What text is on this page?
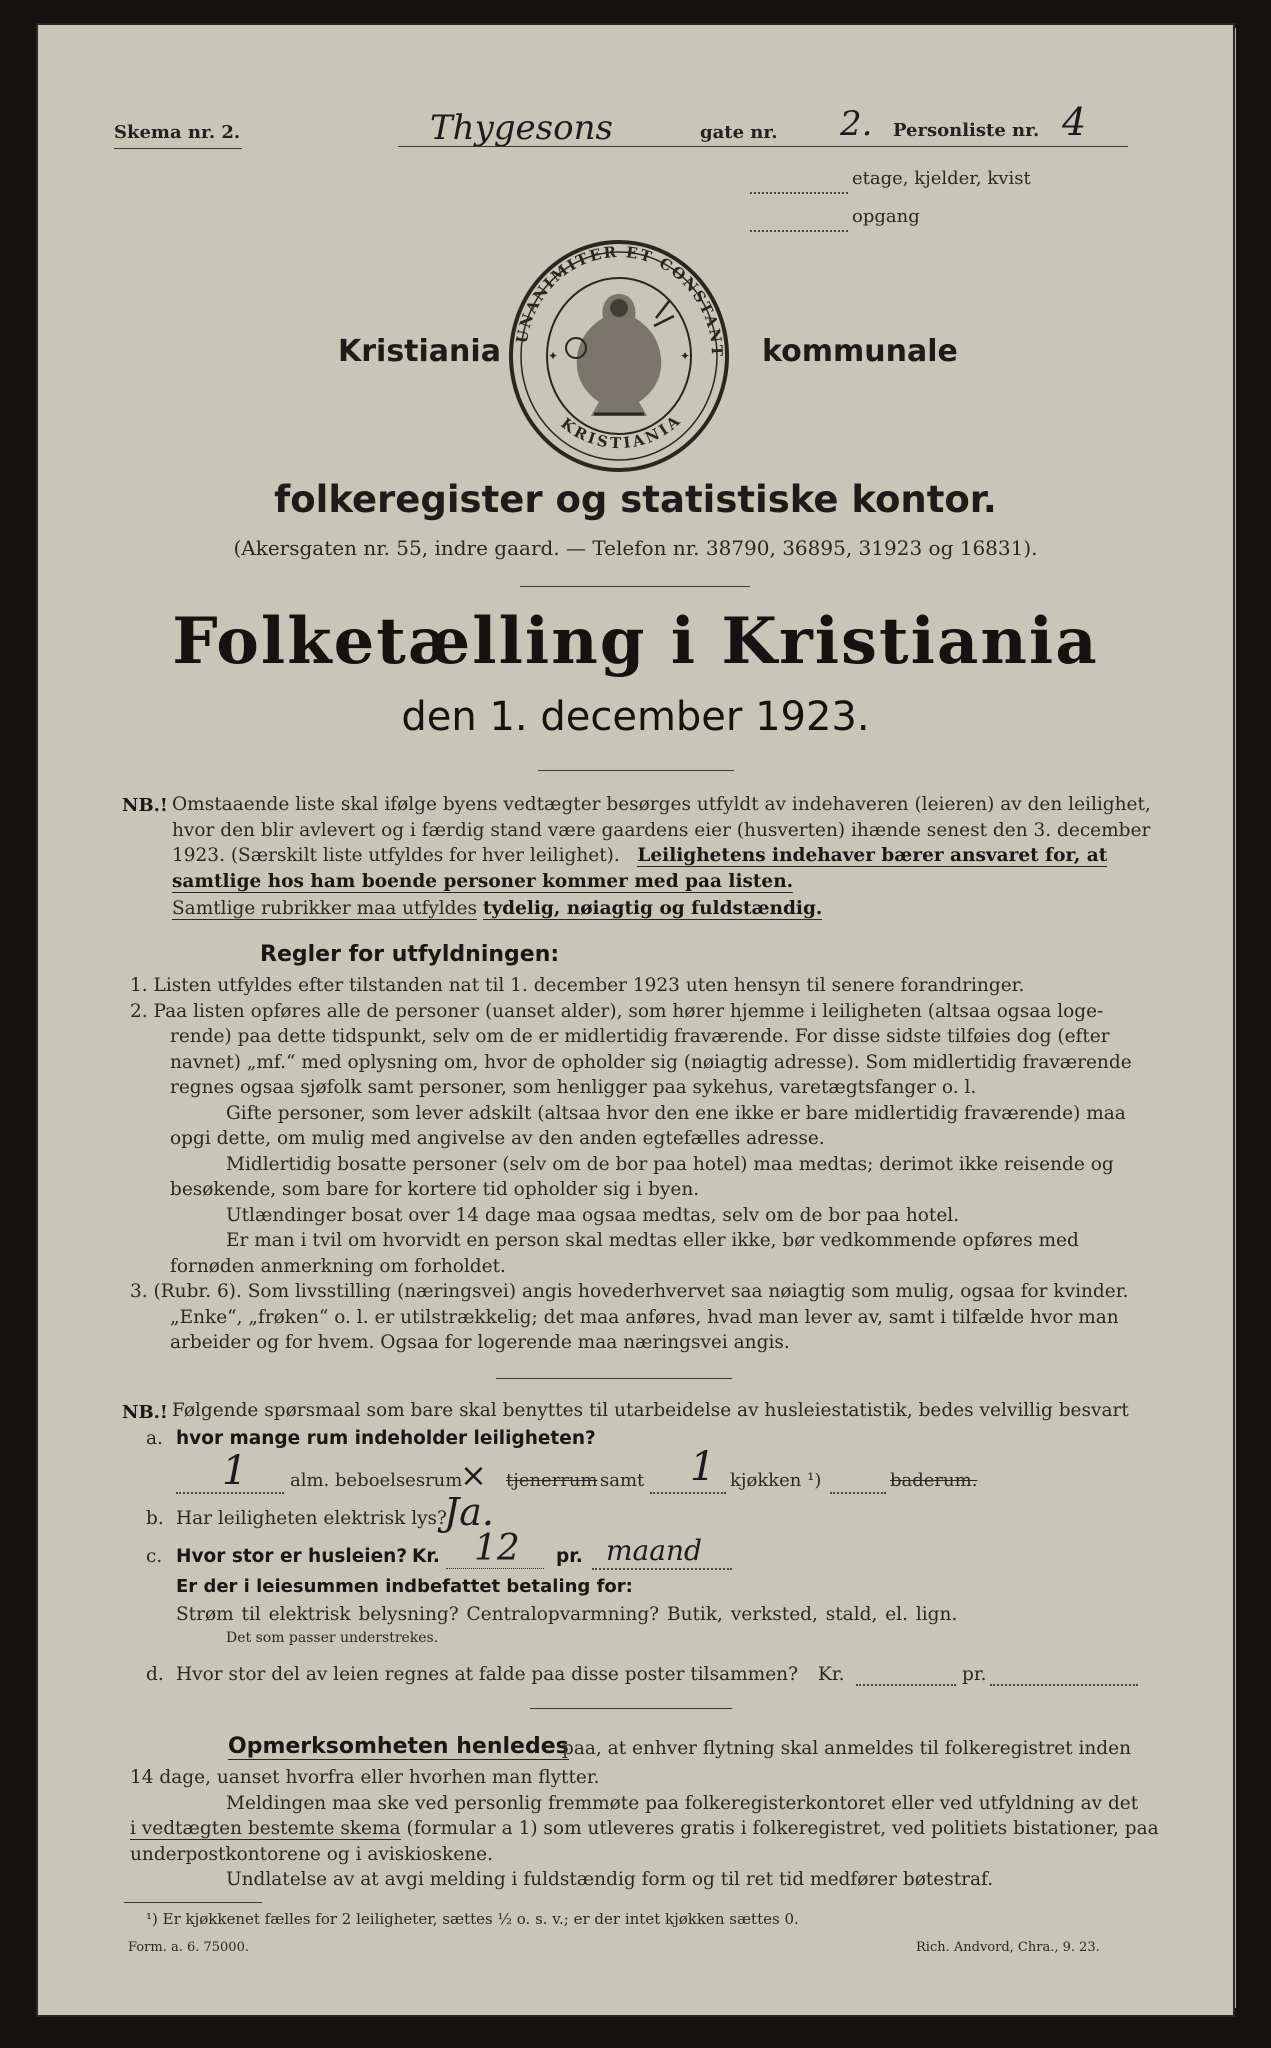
Skema nr. 2.	Thygesons	gate nr. 2. Personliste nr. 4
etage, kjelder, kvist
opgang
Kristiania	kommunale
UNANIMITER ET CONSTANT
KRISTIANIA
✦	✦
folkeregister og statistiske kontor.
(Akersgaten nr. 55, indre gaard. — Telefon nr. 38790, 36895, 31923 og 16831).
Folketælling i Kristiania
den 1. december 1923.
NB.! Omstaaende liste skal ifølge byens vedtægter besørges utfyldt av indehaveren (leieren) av den leilighet,
hvor den blir avlevert og i færdig stand være gaardens eier (husverten) ihænde senest den 3. december
1923. (Særskilt liste utfyldes for hver leilighet). Leilighetens indehaver bærer ansvaret for, at
samtlige hos ham boende personer kommer med paa listen.
Samtlige rubrikker maa utfyldes tydelig, nøiagtig og fuldstændig.
Regler for utfyldningen:
1. Listen utfyldes efter tilstanden nat til 1. december 1923 uten hensyn til senere forandringer.
2. Paa listen opføres alle de personer (uanset alder), som hører hjemme i leiligheten (altsaa ogsaa loge-
rende) paa dette tidspunkt, selv om de er midlertidig fraværende. For disse sidste tilføies dog (efter
navnet) „mf.“ med oplysning om, hvor de opholder sig (nøiagtig adresse). Som midlertidig fraværende
regnes ogsaa sjøfolk samt personer, som henligger paa sykehus, varetægtsfanger o. l.
Gifte personer, som lever adskilt (altsaa hvor den ene ikke er bare midlertidig fraværende) maa
opgi dette, om mulig med angivelse av den anden egtefælles adresse.
Midlertidig bosatte personer (selv om de bor paa hotel) maa medtas; derimot ikke reisende og
besøkende, som bare for kortere tid opholder sig i byen.
Utlændinger bosat over 14 dage maa ogsaa medtas, selv om de bor paa hotel.
Er man i tvil om hvorvidt en person skal medtas eller ikke, bør vedkommende opføres med
fornøden anmerkning om forholdet.
3. (Rubr. 6). Som livsstilling (næringsvei) angis hovederhvervet saa nøiagtig som mulig, ogsaa for kvinder.
„Enke“, „frøken“ o. l. er utilstrækkelig; det maa anføres, hvad man lever av, samt i tilfælde hvor man
arbeider og for hvem. Ogsaa for logerende maa næringsvei angis.
NB.! Følgende spørsmaal som bare skal benyttes til utarbeidelse av husleiestatistik, bedes velvillig besvart
a. hvor mange rum indeholder leiligheten?
1 alm. beboelsesrum
× tjenerrum samt 1 kjøkken ¹)	baderum.
b. Har leiligheten elektrisk lys?
Ja.
c. Hvor stor er husleien? Kr. 12 pr. maand
Er der i leiesummen indbefattet betaling for:
Strøm til elektrisk belysning? Centralopvarmning? Butik, verksted, stald, el. lign.
Det som passer understrekes.
d. Hvor stor del av leien regnes at falde paa disse poster tilsammen? Kr.	pr.
Opmerksomheten henledes
paa, at enhver flytning skal anmeldes til folkeregistret inden
14 dage, uanset hvorfra eller hvorhen man flytter.
Meldingen maa ske ved personlig fremmøte paa folkeregisterkontoret eller ved utfyldning av det
i vedtægten bestemte skema (formular a 1) som utleveres gratis i folkeregistret, ved politiets bistationer, paa
underpostkontorene og i aviskioskene.
Undlatelse av at avgi melding i fuldstændig form og til ret tid medfører bøtestraf.
¹) Er kjøkkenet fælles for 2 leiligheter, sættes ½ o. s. v.; er der intet kjøkken sættes 0.
Form. a. 6. 75000.	Rich. Andvord, Chra., 9. 23.
